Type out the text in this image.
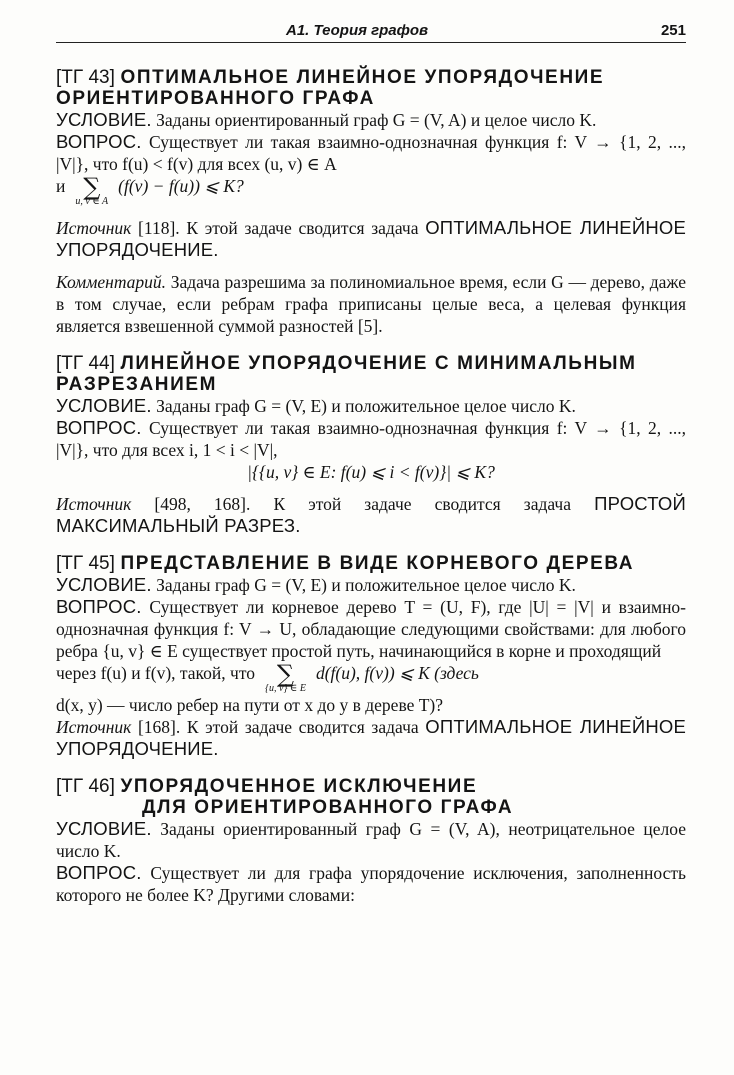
A1. Теория графов	251
[ТГ 43] ОПТИМАЛЬНОЕ ЛИНЕЙНОЕ УПОРЯДОЧЕНИЕ
ОРИЕНТИРОВАННОГО ГРАФА

УСЛОВИЕ. Заданы ориентированный граф G = (V, A) и целое число K.

ВОПРОС. Существует ли такая взаимно-однозначная функция f: V → {1, 2, ..., |V|}, что f(u) < f(v) для всех (u, v) ∈ A

и ∑
u, v ∈ A
(f(v) − f(u)) ⩽ K?

Источник [118]. К этой задаче сводится задача ОПТИМАЛЬНОЕ ЛИНЕЙНОЕ УПОРЯДОЧЕНИЕ.

Комментарий. Задача разрешима за полиномиальное время, если G — дерево, даже в том случае, если ребрам графа приписаны целые веса, а целевая функция является взвешенной суммой разностей [5].

[ТГ 44] ЛИНЕЙНОЕ УПОРЯДОЧЕНИЕ С МИНИМАЛЬНЫМ
РАЗРЕЗАНИЕМ

УСЛОВИЕ. Заданы граф G = (V, E) и положительное целое число K.

ВОПРОС. Существует ли такая взаимно-однозначная функция f: V → {1, 2, ..., |V|}, что для всех i, 1 < i < |V|,

|{{u, v} ∈ E: f(u) ⩽ i < f(v)}| ⩽ K?

Источник [498, 168]. К этой задаче сводится задача ПРОСТОЙ МАКСИМАЛЬНЫЙ РАЗРЕЗ.

[ТГ 45] ПРЕДСТАВЛЕНИЕ В ВИДЕ КОРНЕВОГО ДЕРЕВА

УСЛОВИЕ. Заданы граф G = (V, E) и положительное целое число K.

ВОПРОС. Существует ли корневое дерево T = (U, F), где |U| = |V| и взаимно-однозначная функция f: V → U, обладающие следующими свойствами: для любого ребра {u, v} ∈ E существует простой путь, начинающийся в корне и проходящий

через f(u) и f(v), такой, что ∑
{u, v} ∈ E
d(f(u), f(v)) ⩽ K (здесь

d(x, y) — число ребер на пути от x до y в дереве T)?

Источник [168]. К этой задаче сводится задача ОПТИМАЛЬНОЕ ЛИНЕЙНОЕ УПОРЯДОЧЕНИЕ.

[ТГ 46] УПОРЯДОЧЕННОЕ ИСКЛЮЧЕНИЕ
ДЛЯ ОРИЕНТИРОВАННОГО ГРАФА

УСЛОВИЕ. Заданы ориентированный граф G = (V, A), неотрицательное целое число K.

ВОПРОС. Существует ли для графа упорядочение исключения, заполненность которого не более K? Другими словами:
